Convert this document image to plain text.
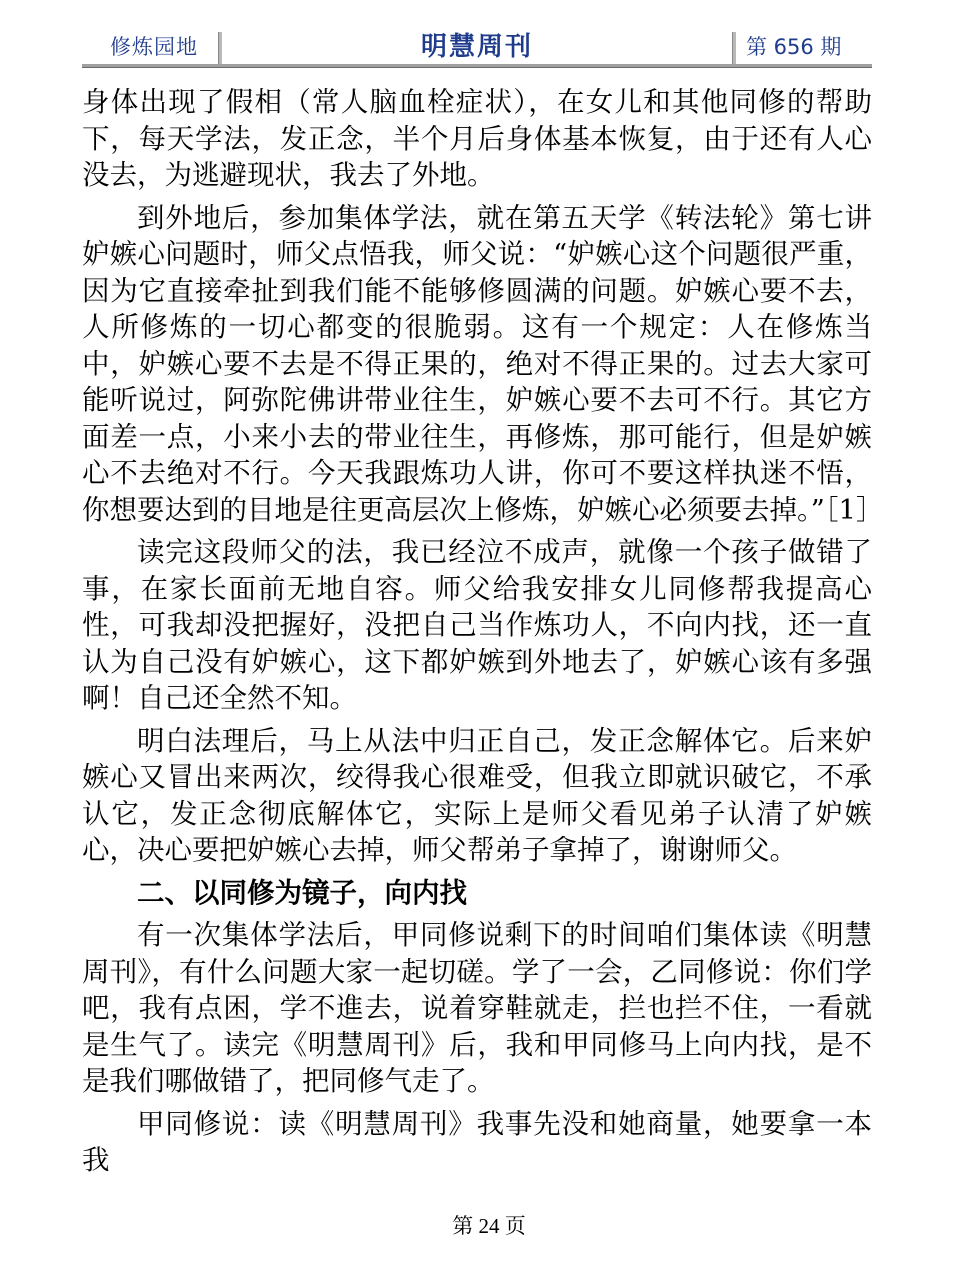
修炼园地	明慧周刊	第 656 期

身体出现了假相（常人脑血栓症状），在女儿和其他同修的帮助下，每天学法，发正念，半个月后身体基本恢复，由于还有人心没去，为逃避现状，我去了外地。

到外地后，参加集体学法，就在第五天学《转法轮》第七讲妒嫉心问题时，师父点悟我，师父说：“妒嫉心这个问题很严重，因为它直接牵扯到我们能不能够修圆满的问题。妒嫉心要不去，人所修炼的一切心都变的很脆弱。这有一个规定：人在修炼当中，妒嫉心要不去是不得正果的，绝对不得正果的。过去大家可能听说过，阿弥陀佛讲带业往生，妒嫉心要不去可不行。其它方面差一点，小来小去的带业往生，再修炼，那可能行，但是妒嫉心不去绝对不行。今天我跟炼功人讲，你可不要这样执迷不悟，你想要达到的目地是往更高层次上修炼，妒嫉心必须要去掉。”［1］

读完这段师父的法，我已经泣不成声，就像一个孩子做错了事，在家长面前无地自容。师父给我安排女儿同修帮我提高心性，可我却没把握好，没把自己当作炼功人，不向内找，还一直认为自己没有妒嫉心，这下都妒嫉到外地去了，妒嫉心该有多强啊！自己还全然不知。

明白法理后，马上从法中归正自己，发正念解体它。后来妒嫉心又冒出来两次，绞得我心很难受，但我立即就识破它，不承认它，发正念彻底解体它，实际上是师父看见弟子认清了妒嫉心，决心要把妒嫉心去掉，师父帮弟子拿掉了，谢谢师父。

二、以同修为镜子，向内找

有一次集体学法后，甲同修说剩下的时间咱们集体读《明慧周刊》，有什么问题大家一起切磋。学了一会，乙同修说：你们学吧，我有点困，学不進去，说着穿鞋就走，拦也拦不住，一看就是生气了。读完《明慧周刊》后，我和甲同修马上向内找，是不是我们哪做错了，把同修气走了。

甲同修说：读《明慧周刊》我事先没和她商量，她要拿一本我

第 24 页
